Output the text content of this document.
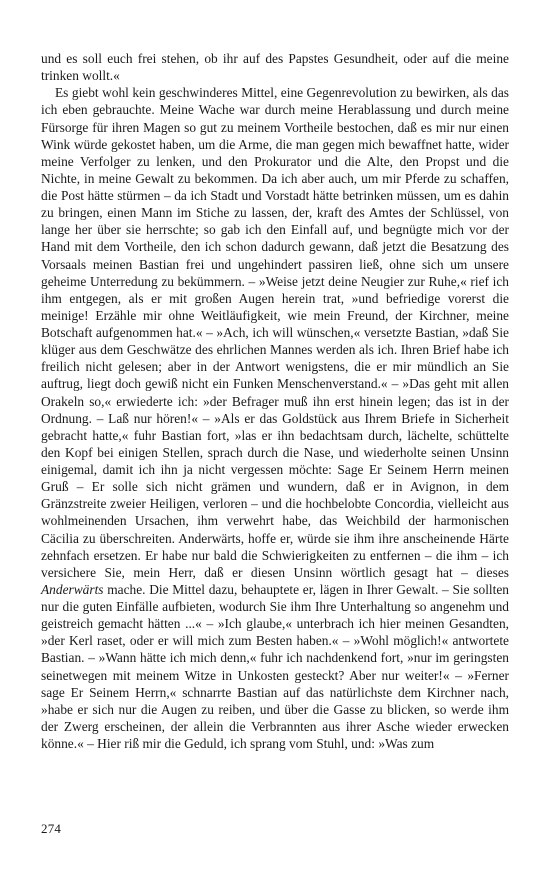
und es soll euch frei stehen, ob ihr auf des Papstes Gesundheit, oder auf die meine trinken wollt.«

Es giebt wohl kein geschwinderes Mittel, eine Gegenrevolution zu bewirken, als das ich eben gebrauchte. Meine Wache war durch meine Herablassung und durch meine Fürsorge für ihren Magen so gut zu meinem Vortheile bestochen, daß es mir nur einen Wink würde gekostet haben, um die Arme, die man gegen mich bewaffnet hatte, wider meine Verfolger zu lenken, und den Prokurator und die Alte, den Propst und die Nichte, in meine Gewalt zu bekommen. Da ich aber auch, um mir Pferde zu schaffen, die Post hätte stürmen – da ich Stadt und Vorstadt hätte betrinken müssen, um es dahin zu bringen, einen Mann im Stiche zu lassen, der, kraft des Amtes der Schlüssel, von lange her über sie herrschte; so gab ich den Einfall auf, und begnügte mich vor der Hand mit dem Vortheile, den ich schon dadurch gewann, daß jetzt die Besatzung des Vorsaals meinen Bastian frei und ungehindert passiren ließ, ohne sich um unsere geheime Unterredung zu bekümmern. – »Weise jetzt deine Neugier zur Ruhe,« rief ich ihm entgegen, als er mit großen Augen herein trat, »und befriedige vorerst die meinige! Erzähle mir ohne Weitläufigkeit, wie mein Freund, der Kirchner, meine Botschaft aufgenommen hat.« – »Ach, ich will wünschen,« versetzte Bastian, »daß Sie klüger aus dem Geschwätze des ehrlichen Mannes werden als ich. Ihren Brief habe ich freilich nicht gelesen; aber in der Antwort wenigstens, die er mir mündlich an Sie auftrug, liegt doch gewiß nicht ein Funken Menschenverstand.« – »Das geht mit allen Orakeln so,« erwiederte ich: »der Befrager muß ihn erst hinein legen; das ist in der Ordnung. – Laß nur hören!« – »Als er das Goldstück aus Ihrem Briefe in Sicherheit gebracht hatte,« fuhr Bastian fort, »las er ihn bedachtsam durch, lächelte, schüttelte den Kopf bei einigen Stellen, sprach durch die Nase, und wiederholte seinen Unsinn einigemal, damit ich ihn ja nicht vergessen möchte: Sage Er Seinem Herrn meinen Gruß – Er solle sich nicht grämen und wundern, daß er in Avignon, in dem Gränzstreite zweier Heiligen, verloren – und die hochbelobte Concordia, vielleicht aus wohlmeinenden Ursachen, ihm verwehrt habe, das Weichbild der harmonischen Cäcilia zu überschreiten. Anderwärts, hoffe er, würde sie ihm ihre anscheinende Härte zehnfach ersetzen. Er habe nur bald die Schwierigkeiten zu entfernen – die ihm – ich versichere Sie, mein Herr, daß er diesen Unsinn wörtlich gesagt hat – dieses Anderwärts mache. Die Mittel dazu, behauptete er, lägen in Ihrer Gewalt. – Sie sollten nur die guten Einfälle aufbieten, wodurch Sie ihm Ihre Unterhaltung so angenehm und geistreich gemacht hätten ...« – »Ich glaube,« unterbrach ich hier meinen Gesandten, »der Kerl raset, oder er will mich zum Besten haben.« – »Wohl möglich!« antwortete Bastian. – »Wann hätte ich mich denn,« fuhr ich nachdenkend fort, »nur im geringsten seinetwegen mit meinem Witze in Unkosten gesteckt? Aber nur weiter!« – »Ferner sage Er Seinem Herrn,« schnarrte Bastian auf das natürlichste dem Kirchner nach, »habe er sich nur die Augen zu reiben, und über die Gasse zu blicken, so werde ihm der Zwerg erscheinen, der allein die Verbrannten aus ihrer Asche wieder erwecken könne.« – Hier riß mir die Geduld, ich sprang vom Stuhl, und: »Was zum

274
